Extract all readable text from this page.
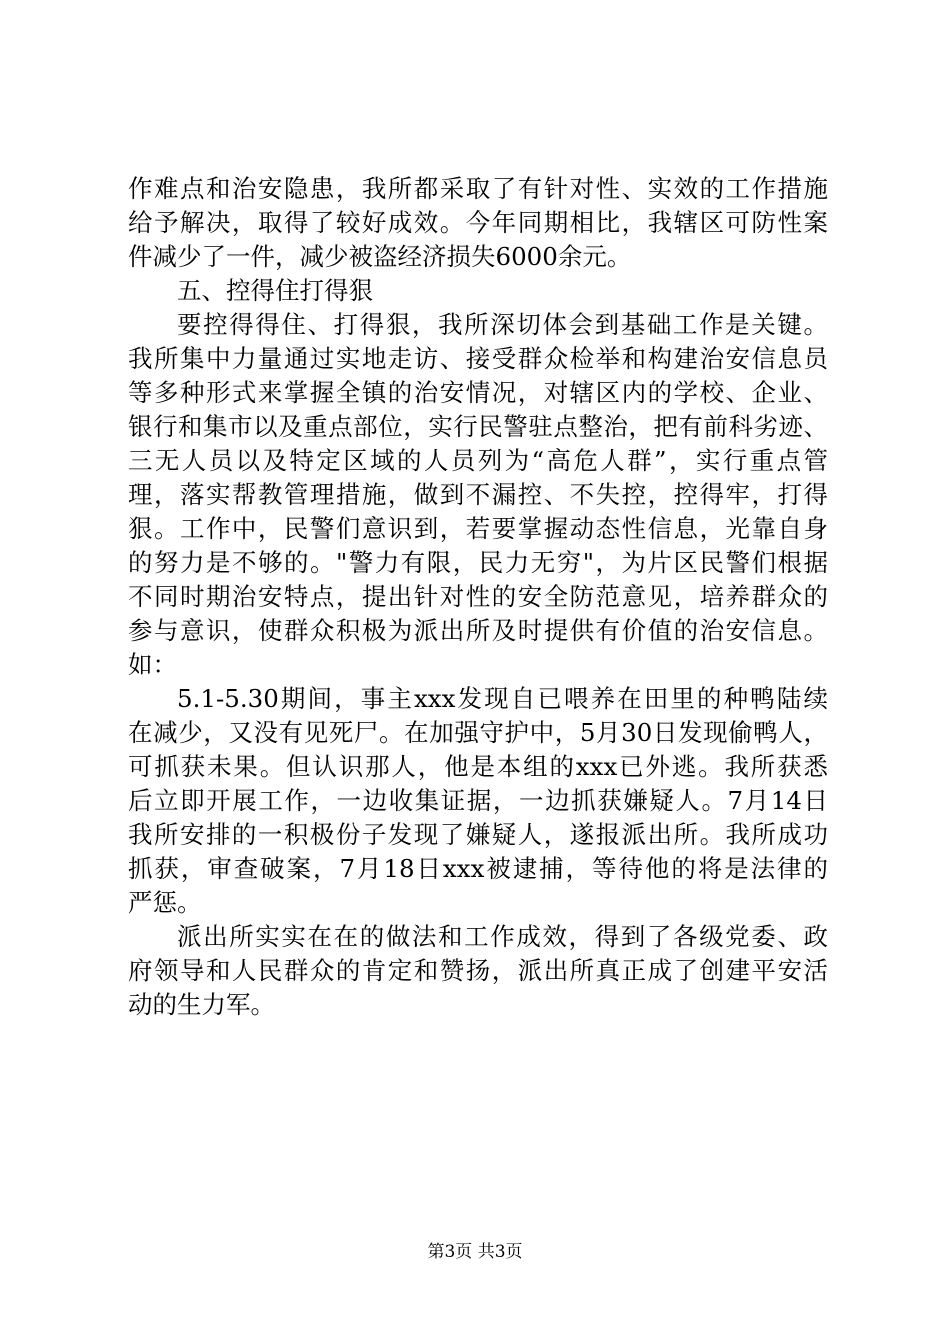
作难点和治安隐患，我所都采取了有针对性、实效的工作措施
给予解决，取得了较好成效。今年同期相比，我辖区可防性案
件减少了一件，减少被盗经济损失6000余元。
五、控得住打得狠
要控得得住、打得狠，我所深切体会到基础工作是关键。
我所集中力量通过实地走访、接受群众检举和构建治安信息员
等多种形式来掌握全镇的治安情况，对辖区内的学校、企业、
银行和集市以及重点部位，实行民警驻点整治，把有前科劣迹、
三无人员以及特定区域的人员列为“高危人群”，实行重点管
理，落实帮教管理措施，做到不漏控、不失控，控得牢，打得
狠。工作中，民警们意识到，若要掌握动态性信息，光靠自身
的努力是不够的。"警力有限，民力无穷"，为片区民警们根据
不同时期治安特点，提出针对性的安全防范意见，培养群众的
参与意识，使群众积极为派出所及时提供有价值的治安信息。
如：
5.1-5.30期间，事主xxx发现自已喂养在田里的种鸭陆续
在减少，又没有见死尸。在加强守护中，5月30日发现偷鸭人，
可抓获未果。但认识那人，他是本组的xxx已外逃。我所获悉
后立即开展工作，一边收集证据，一边抓获嫌疑人。7月14日
我所安排的一积极份子发现了嫌疑人，遂报派出所。我所成功
抓获，审查破案，7月18日xxx被逮捕，等待他的将是法律的
严惩。
派出所实实在在的做法和工作成效，得到了各级党委、政
府领导和人民群众的肯定和赞扬，派出所真正成了创建平安活
动的生力军。
第3页 共3页
